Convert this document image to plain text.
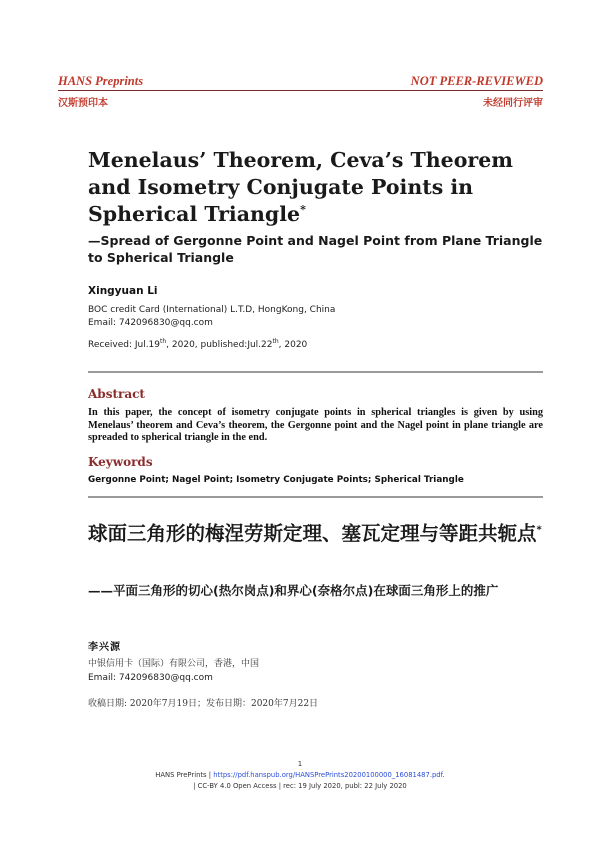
HANS Preprints	NOT PEER-REVIEWED
汉斯预印本	未经同行评审
Menelaus’ Theorem, Ceva’s Theorem and Isometry Conjugate Points in Spherical Triangle*
—Spread of Gergonne Point and Nagel Point from Plane Triangle to Spherical Triangle
Xingyuan Li
BOC credit Card (International) L.T.D, HongKong, China
Email: 742096830@qq.com
Received: Jul.19th, 2020, published:Jul.22th, 2020
Abstract
In this paper, the concept of isometry conjugate points in spherical triangles is given by using Menelaus’ theorem and Ceva’s theorem, the Gergonne point and the Nagel point in plane triangle are spreaded to spherical triangle in the end.
Keywords
Gergonne Point; Nagel Point; Isometry Conjugate Points; Spherical Triangle
球面三角形的梅涅劳斯定理、塞瓦定理与等距共轭点*
——平面三角形的切心(热尔岗点)和界心(奈格尔点)在球面三角形上的推广
李兴源
中银信用卡（国际）有限公司，香港，中国
Email: 742096830@qq.com
收稿日期: 2020年7月19日；发布日期：2020年7月22日
1
HANS PrePrints | https://pdf.hanspub.org/HANSPrePrints20200100000_16081487.pdf.
| CC-BY 4.0 Open Access | rec: 19 July 2020, publ: 22 July 2020
